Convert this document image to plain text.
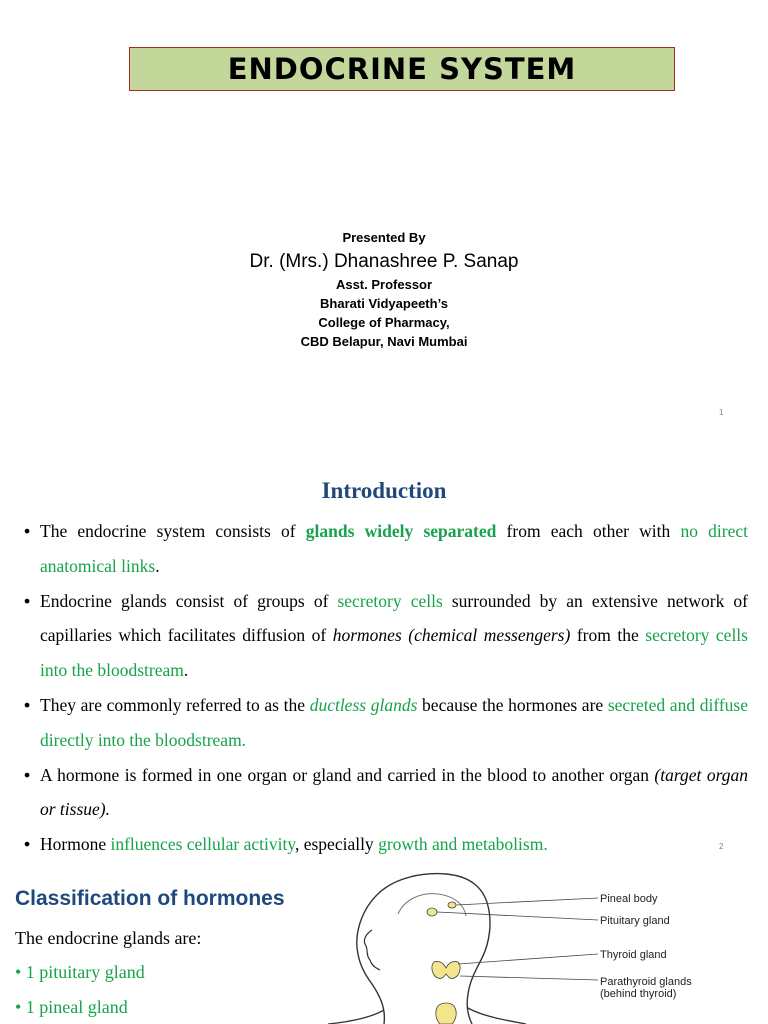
ENDOCRINE SYSTEM
Presented By
Dr. (Mrs.) Dhanashree P. Sanap
Asst. Professor
Bharati Vidyapeeth’s
College of Pharmacy,
CBD Belapur, Navi Mumbai
1
Introduction
• The endocrine system consists of glands widely separated from each other with no direct anatomical links.
• Endocrine glands consist of groups of secretory cells surrounded by an extensive network of capillaries which facilitates diffusion of hormones (chemical messengers) from the secretory cells into the bloodstream.
• They are commonly referred to as the ductless glands because the hormones are secreted and diffuse directly into the bloodstream.
• A hormone is formed in one organ or gland and carried in the blood to another organ (target organ or tissue).
• Hormone influences cellular activity, especially growth and metabolism.	2
Classification of hormones
The endocrine glands are:
• 1 pituitary gland
• 1 pineal gland
Pineal body
Pituitary gland
Thyroid gland
Parathyroid glands
(behind thyroid)
